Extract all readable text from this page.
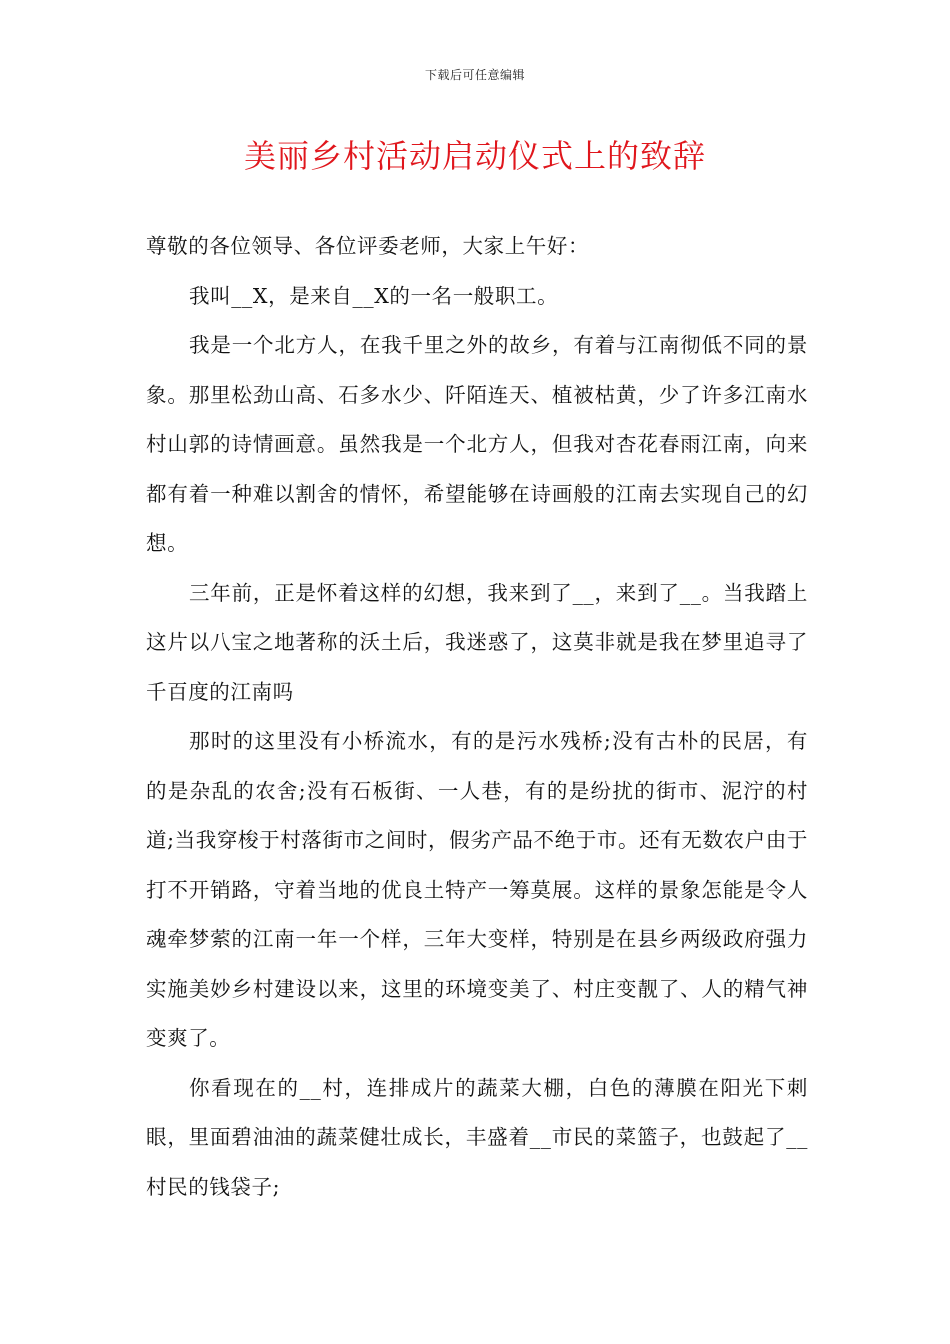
下载后可任意编辑
美丽乡村活动启动仪式上的致辞

尊敬的各位领导、各位评委老师，大家上午好：

我叫__X，是来自__X的一名一般职工。

我是一个北方人，在我千里之外的故乡，有着与江南彻低不同的景象。那里松劲山高、石多水少、阡陌连天、植被枯黄，少了许多江南水村山郭的诗情画意。虽然我是一个北方人，但我对杏花春雨江南，向来都有着一种难以割舍的情怀，希望能够在诗画般的江南去实现自己的幻想。

三年前，正是怀着这样的幻想，我来到了__，来到了__。当我踏上这片以八宝之地著称的沃土后，我迷惑了，这莫非就是我在梦里追寻了千百度的江南吗

那时的这里没有小桥流水，有的是污水残桥;没有古朴的民居，有的是杂乱的农舍;没有石板街、一人巷，有的是纷扰的街市、泥泞的村道;当我穿梭于村落街市之间时，假劣产品不绝于市。还有无数农户由于打不开销路，守着当地的优良土特产一筹莫展。这样的景象怎能是令人魂牵梦萦的江南一年一个样，三年大变样，特别是在县乡两级政府强力实施美妙乡村建设以来，这里的环境变美了、村庄变靓了、人的精气神变爽了。

你看现在的__村，连排成片的蔬菜大棚，白色的薄膜在阳光下刺眼，里面碧油油的蔬菜健壮成长，丰盛着__市民的菜篮子，也鼓起了__村民的钱袋子;
